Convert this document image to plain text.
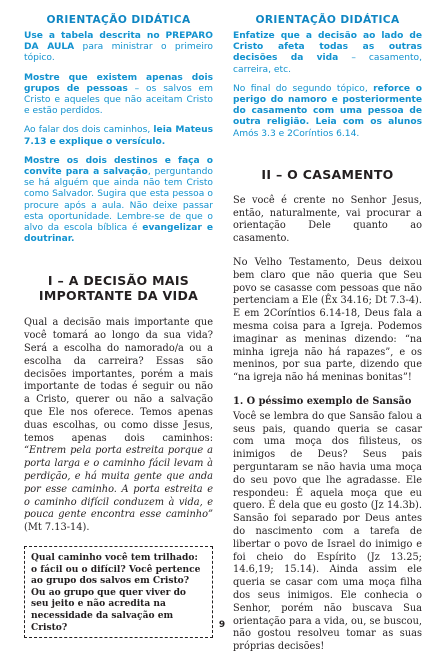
ORIENTAÇÃO DIDÁTICA

Use a tabela descrita no PREPARO DA AULA para ministrar o primeiro tópico.

Mostre que existem apenas dois grupos de pessoas – os salvos em Cristo e aqueles que não aceitam Cristo e estão perdidos.

Ao falar dos dois caminhos, leia Mateus 7.13 e explique o versículo.

Mostre os dois destinos e faça o convite para a salvação, perguntando se há alguém que ainda não tem Cristo como Salvador. Sugira que esta pessoa o procure após a aula. Não deixe passar esta oportunidade. Lembre-se de que o alvo da escola bíblica é evangelizar e doutrinar.

I – A DECISÃO MAIS
IMPORTANTE DA VIDA

Qual a decisão mais importante que você tomará ao longo da sua vida? Será a escolha do namorado/a ou a escolha da carreira? Essas são decisões importantes, porém a mais importante de todas é seguir ou não a Cristo, querer ou não a salvação que Ele nos oferece. Temos apenas duas escolhas, ou como disse Jesus, temos apenas dois caminhos: “Entrem pela porta estreita porque a porta larga e o caminho fácil levam à perdição, e há muita gente que anda por esse caminho. A porta estreita e o caminho difícil conduzem à vida, e pouca gente encontra esse caminho” (Mt 7.13-14).

Qual caminho você tem trilhado: o fácil ou o difícil? Você pertence ao grupo dos salvos em Cristo? Ou ao grupo que quer viver do seu jeito e não acredita na necessidade da salvação em Cristo?
ORIENTAÇÃO DIDÁTICA

Enfatize que a decisão ao lado de Cristo afeta todas as outras decisões da vida – casamento, carreira, etc.

No final do segundo tópico, reforce o perigo do namoro e posteriormente do casamento com uma pessoa de outra religião. Leia com os alunos Amós 3.3 e 2Coríntios 6.14.

II – O CASAMENTO

Se você é crente no Senhor Jesus, então, naturalmente, vai procurar a orientação Dele quanto ao casamento.

No Velho Testamento, Deus deixou bem claro que não queria que Seu povo se casasse com pessoas que não pertenciam a Ele (Êx 34.16; Dt 7.3-4). E em 2Coríntios 6.14-18, Deus fala a mesma coisa para a Igreja. Podemos imaginar as meninas dizendo: “na minha igreja não há rapazes”, e os meninos, por sua parte, dizendo que “na igreja não há meninas bonitas”!

1. O péssimo exemplo de Sansão

Você se lembra do que Sansão falou a seus pais, quando queria se casar com uma moça dos filisteus, os inimigos de Deus? Seus pais perguntaram se não havia uma moça do seu povo que lhe agradasse. Ele respondeu: É aquela moça que eu quero. É dela que eu gosto (Jz 14.3b). Sansão foi separado por Deus antes do nascimento com a tarefa de libertar o povo de Israel do inimigo e foi cheio do Espírito (Jz 13.25; 14.6,19; 15.14). Ainda assim ele queria se casar com uma moça filha dos seus inimigos. Ele conhecia o Senhor, porém não buscava Sua orientação para a vida, ou, se buscou, não gostou resolveu tomar as suas próprias decisões!

9
